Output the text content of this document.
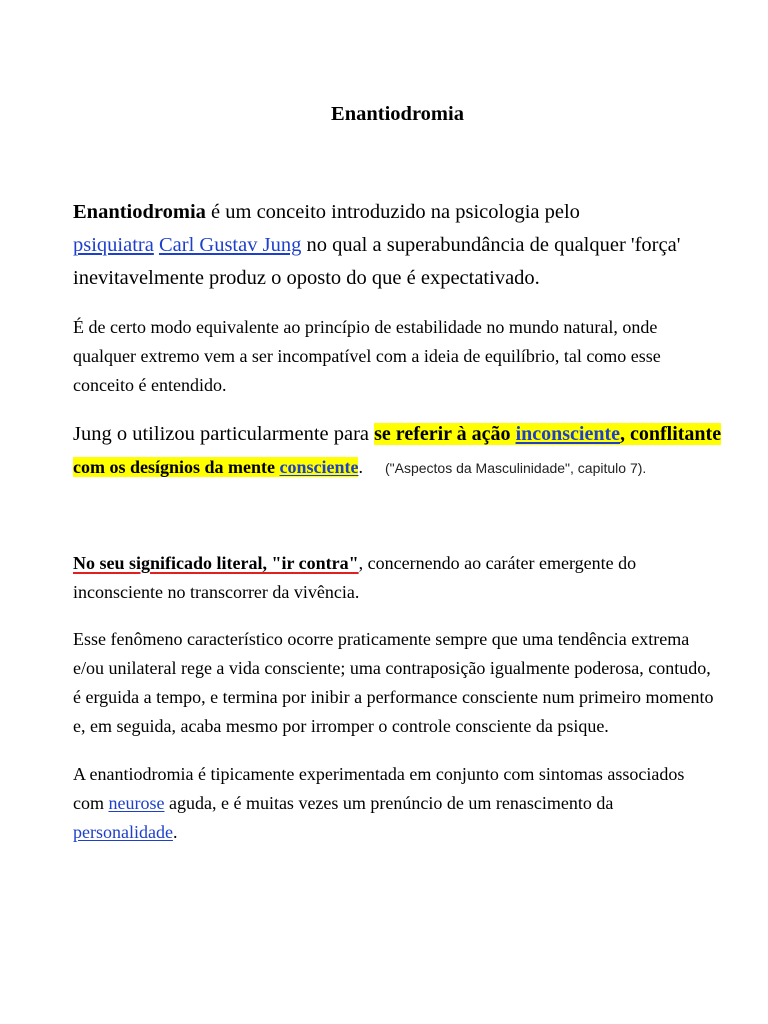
Enantiodromia
Enantiodromia é um conceito introduzido na psicologia pelo
psiquiatra Carl Gustav Jung no qual a superabundância de qualquer 'força'
inevitavelmente produz o oposto do que é expectativado.
É de certo modo equivalente ao princípio de estabilidade no mundo natural, onde
qualquer extremo vem a ser incompatível com a ideia de equilíbrio, tal como esse
conceito é entendido.
Jung o utilizou particularmente para se referir à ação inconsciente, conflitante
com os desígnios da mente consciente. ("Aspectos da Masculinidade", capitulo 7).
No seu significado literal, "ir contra", concernendo ao caráter emergente do
inconsciente no transcorrer da vivência.
Esse fenômeno característico ocorre praticamente sempre que uma tendência extrema
e/ou unilateral rege a vida consciente; uma contraposição igualmente poderosa, contudo,
é erguida a tempo, e termina por inibir a performance consciente num primeiro momento
e, em seguida, acaba mesmo por irromper o controle consciente da psique.
A enantiodromia é tipicamente experimentada em conjunto com sintomas associados
com neurose aguda, e é muitas vezes um prenúncio de um renascimento da
personalidade.
